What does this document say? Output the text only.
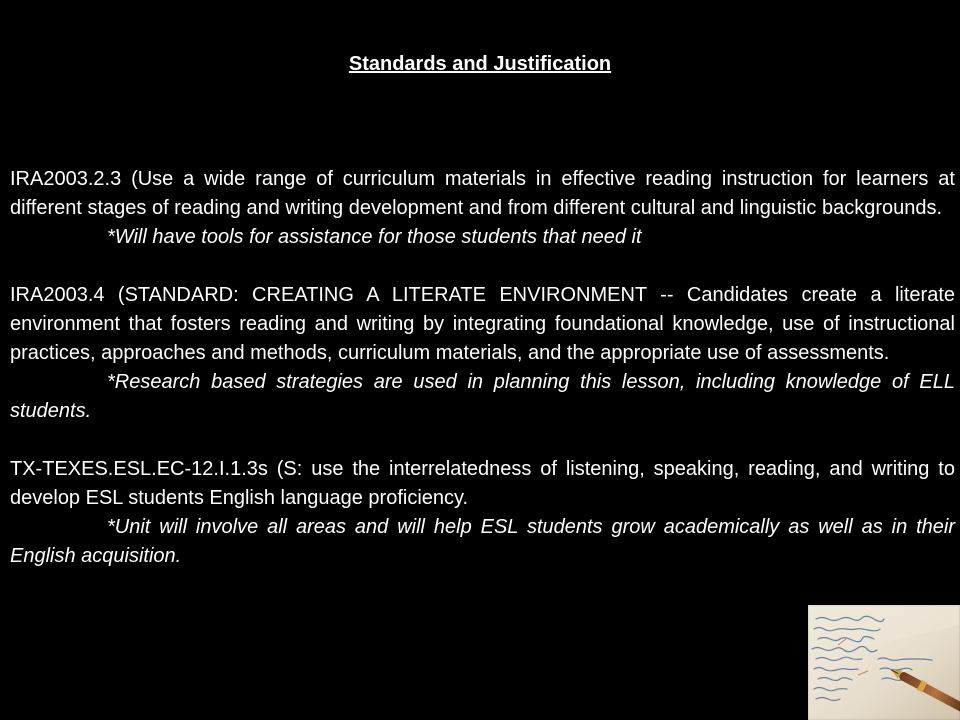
Standards and Justification

IRA2003.2.3 (Use a wide range of curriculum materials in effective reading instruction for learners at different stages of reading and writing development and from different cultural and linguistic backgrounds.

*Will have tools for assistance for those students that need it

IRA2003.4 (STANDARD: CREATING A LITERATE ENVIRONMENT -- Candidates create a literate environment that fosters reading and writing by integrating foundational knowledge, use of instructional practices, approaches and methods, curriculum materials, and the appropriate use of assessments.

*Research based strategies are used in planning this lesson, including knowledge of ELL students.

TX-TEXES.ESL.EC-12.I.1.3s (S: use the interrelatedness of listening, speaking, reading, and writing to develop ESL students English language proficiency.

*Unit will involve all areas and will help ESL students grow academically as well as in their English acquisition.
